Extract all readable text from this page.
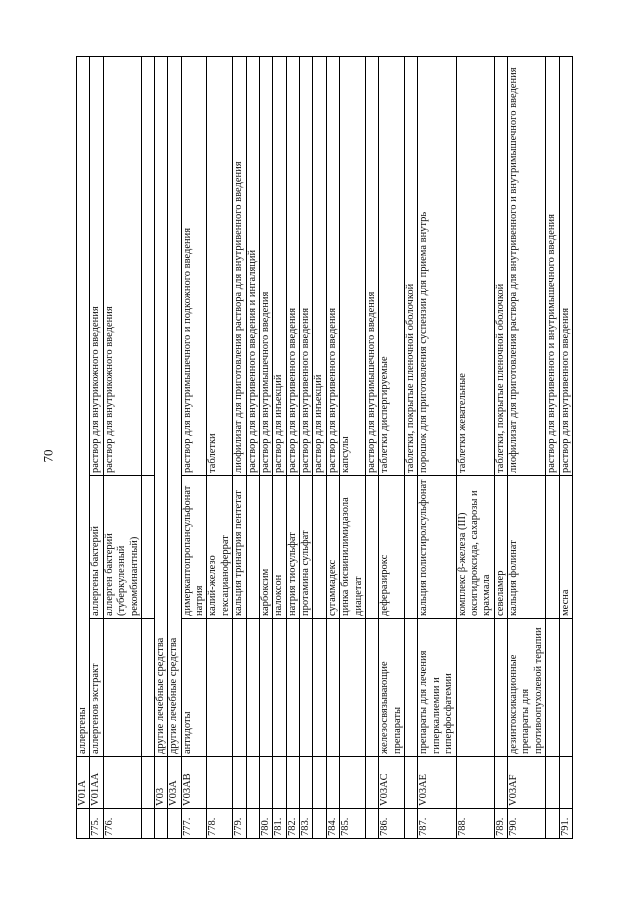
70
	V01A	аллергены		
775.	V01AA	аллергенов экстракт	аллергены бактерий	раствор для внутрикожного введения
776.			аллерген бактерий (туберкулезный рекомбинантный)	раствор для внутрикожного введения

	V03	другие лечебные средства		
	V03A	другие лечебные средства		
777.	V03AB	антидоты	димеркаптопропансульфонат натрия	раствор для внутримышечного и подкожного введения
778.			калий-железо гексацианоферрат	таблетки
779.			кальция тринатрия пентетат	лиофилизат для приготовления раствора для внутривенного введения
				раствор для внутривенного введения и ингаляций
780.			карбоксим	раствор для внутримышечного введения
781.			налоксон	раствор для инъекций
782.			натрия тиосульфат	раствор для внутривенного введения
783.			протамина сульфат	раствор для внутривенного введения
				раствор для инъекций
784.			сугаммадекс	раствор для внутривенного введения
785.			цинка бисвинилимидазола диацетат	капсулы
				раствор для внутримышечного введения
786.	V03AC	железосвязывающие препараты	деферазирокс	таблетки диспергируемые
				таблетки, покрытые пленочной оболочкой
787.	V03AE	препараты для лечения гиперкалиемии и гиперфосфатемии	кальция полистиролсульфонат	порошок для приготовления суспензии для приема внутрь
788.			комплекс β-железа (III) оксигидроксида, сахарозы и крахмала	таблетки жевательные
789.			севеламер	таблетки, покрытые пленочной оболочкой
790.	V03AF	дезинтоксикационные препараты для противоопухолевой терапии	кальция фолинат	лиофилизат для приготовления раствора для внутривенного и внутримышечного введения
				раствор для внутривенного и внутримышечного введения
791.			месна	раствор для внутривенного введения
